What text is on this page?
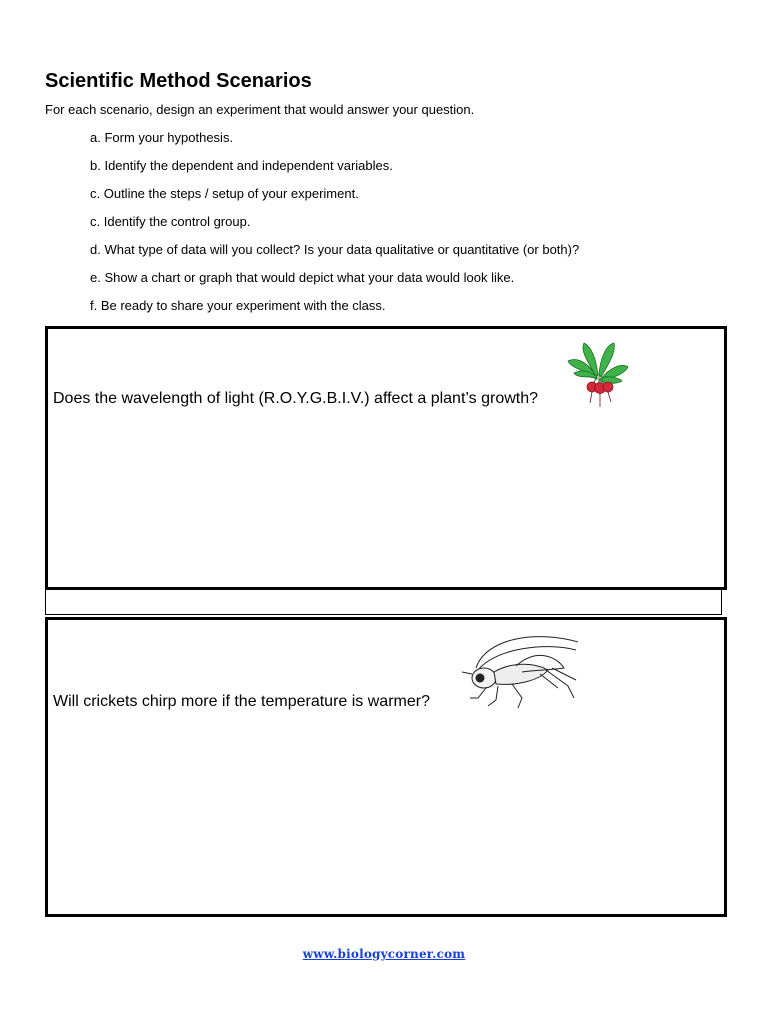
Scientific Method Scenarios

For each scenario, design an experiment that would answer your question.

a. Form your hypothesis.
b. Identify the dependent and independent variables.
c. Outline the steps / setup of your experiment.
c. Identify the control group.
d. What type of data will you collect? Is your data qualitative or quantitative (or both)?
e. Show a chart or graph that would depict what your data would look like.
f. Be ready to share your experiment with the class.

Does the wavelength of light (R.O.Y.G.B.I.V.) affect a plant’s growth?

Will crickets chirp more if the temperature is warmer?

www.biologycorner.com
